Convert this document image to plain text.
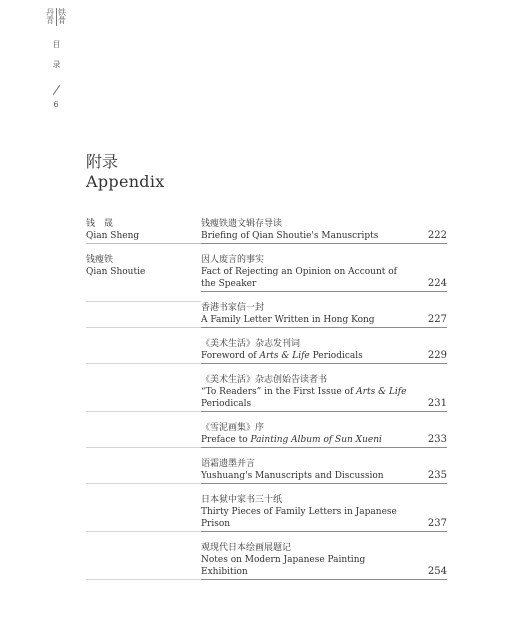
丹青 铁骨
目录
6
附录
Appendix
钱　晟
Qian Sheng
钱瘦铁遗文辑存导读
Briefing of Qian Shoutie's Manuscripts	222
钱瘦铁
Qian Shoutie
因人废言的事实
Fact of Rejecting an Opinion on Account of the Speaker	224
香港书家信一封
A Family Letter Written in Hong Kong	227
《美术生活》杂志发刊词
Foreword of Arts & Life Periodicals	229
《美术生活》杂志创始告读者书
“To Readers” in the First Issue of Arts & Life
Periodicals	231
《雪泥画集》序
Preface to Painting Album of Sun Xueni	233
语霜遗墨并言
Yushuang's Manuscripts and Discussion	235
日本狱中家书三十纸
Thirty Pieces of Family Letters in Japanese Prison	237
观现代日本绘画展题记
Notes on Modern Japanese Painting Exhibition	254
